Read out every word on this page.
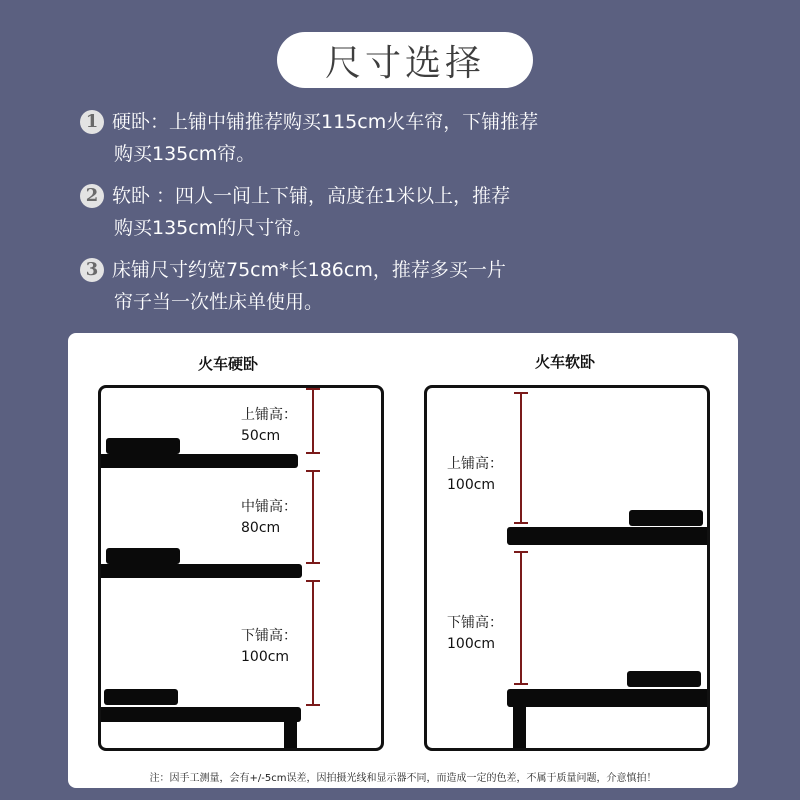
尺寸选择
1 硬卧：上铺中铺推荐购买115cm火车帘，下铺推荐
购买135cm帘。
2 软卧 ：四人一间上下铺，高度在1米以上，推荐
购买135cm的尺寸帘。
3 床铺尺寸约宽75cm*长186cm，推荐多买一片
帘子当一次性床单使用。
火车硬卧
上铺高：
50cm
中铺高：
80cm
下铺高：
100cm
火车软卧
上铺高：
100cm
下铺高：
100cm
注：因手工测量，会有+/-5cm误差，因拍摄光线和显示器不同，而造成一定的色差，不属于质量问题，介意慎拍！
